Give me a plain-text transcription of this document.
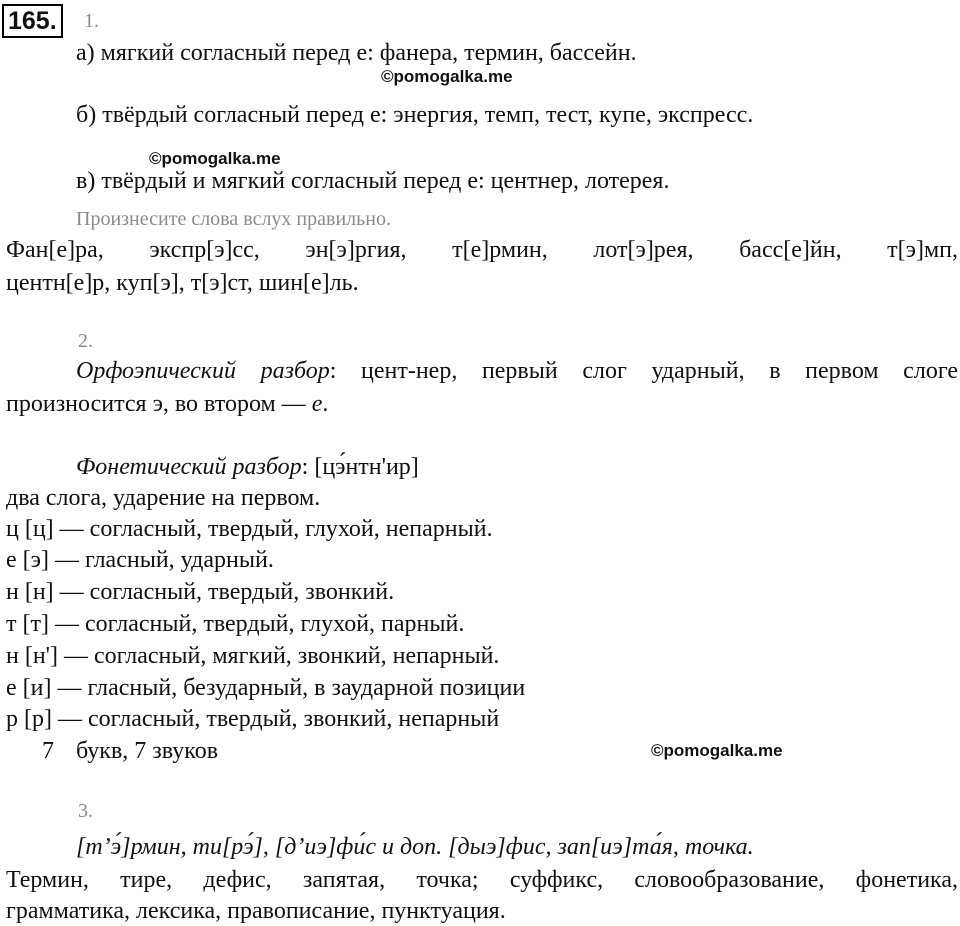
165.	1.
а) мягкий согласный перед е: фанера, термин, бассейн.
©pomogalka.me
б) твёрдый согласный перед е: энергия, темп, тест, купе, экспресс.
©pomogalka.me
в) твёрдый и мягкий согласный перед е: центнер, лотерея.
Произнесите слова вслух правильно.
Фан[е]ра, экспр[э]сс, эн[э]ргия, т[е]рмин, лот[э]рея, басс[е]йн, т[э]мп,
центн[е]р, куп[э], т[э]ст, шин[е]ль.
2.
Орфоэпический разбор: цент-нер, первый слог ударный, в первом слоге
произносится э, во втором — е.
Фонетический разбор: [цэ́нтн'ир]
два слога, ударение на первом.
ц [ц] — согласный, твердый, глухой, непарный.
е [э] — гласный, ударный.
н [н] — согласный, твердый, звонкий.
т [т] — согласный, твердый, глухой, парный.
н [н'] — согласный, мягкий, звонкий, непарный.
е [и] — гласный, безударный, в заударной позиции
р [р] — согласный, твердый, звонкий, непарный
7 букв, 7 звуков	©pomogalka.me
3.
[т’э́]рмин, ти[рэ́], [д’иэ]фи́с и доп. [дыэ]фис, зап[иэ]та́я, точка.
Термин, тире, дефис, запятая, точка; суффикс, словообразование, фонетика,
грамматика, лексика, правописание, пунктуация.
